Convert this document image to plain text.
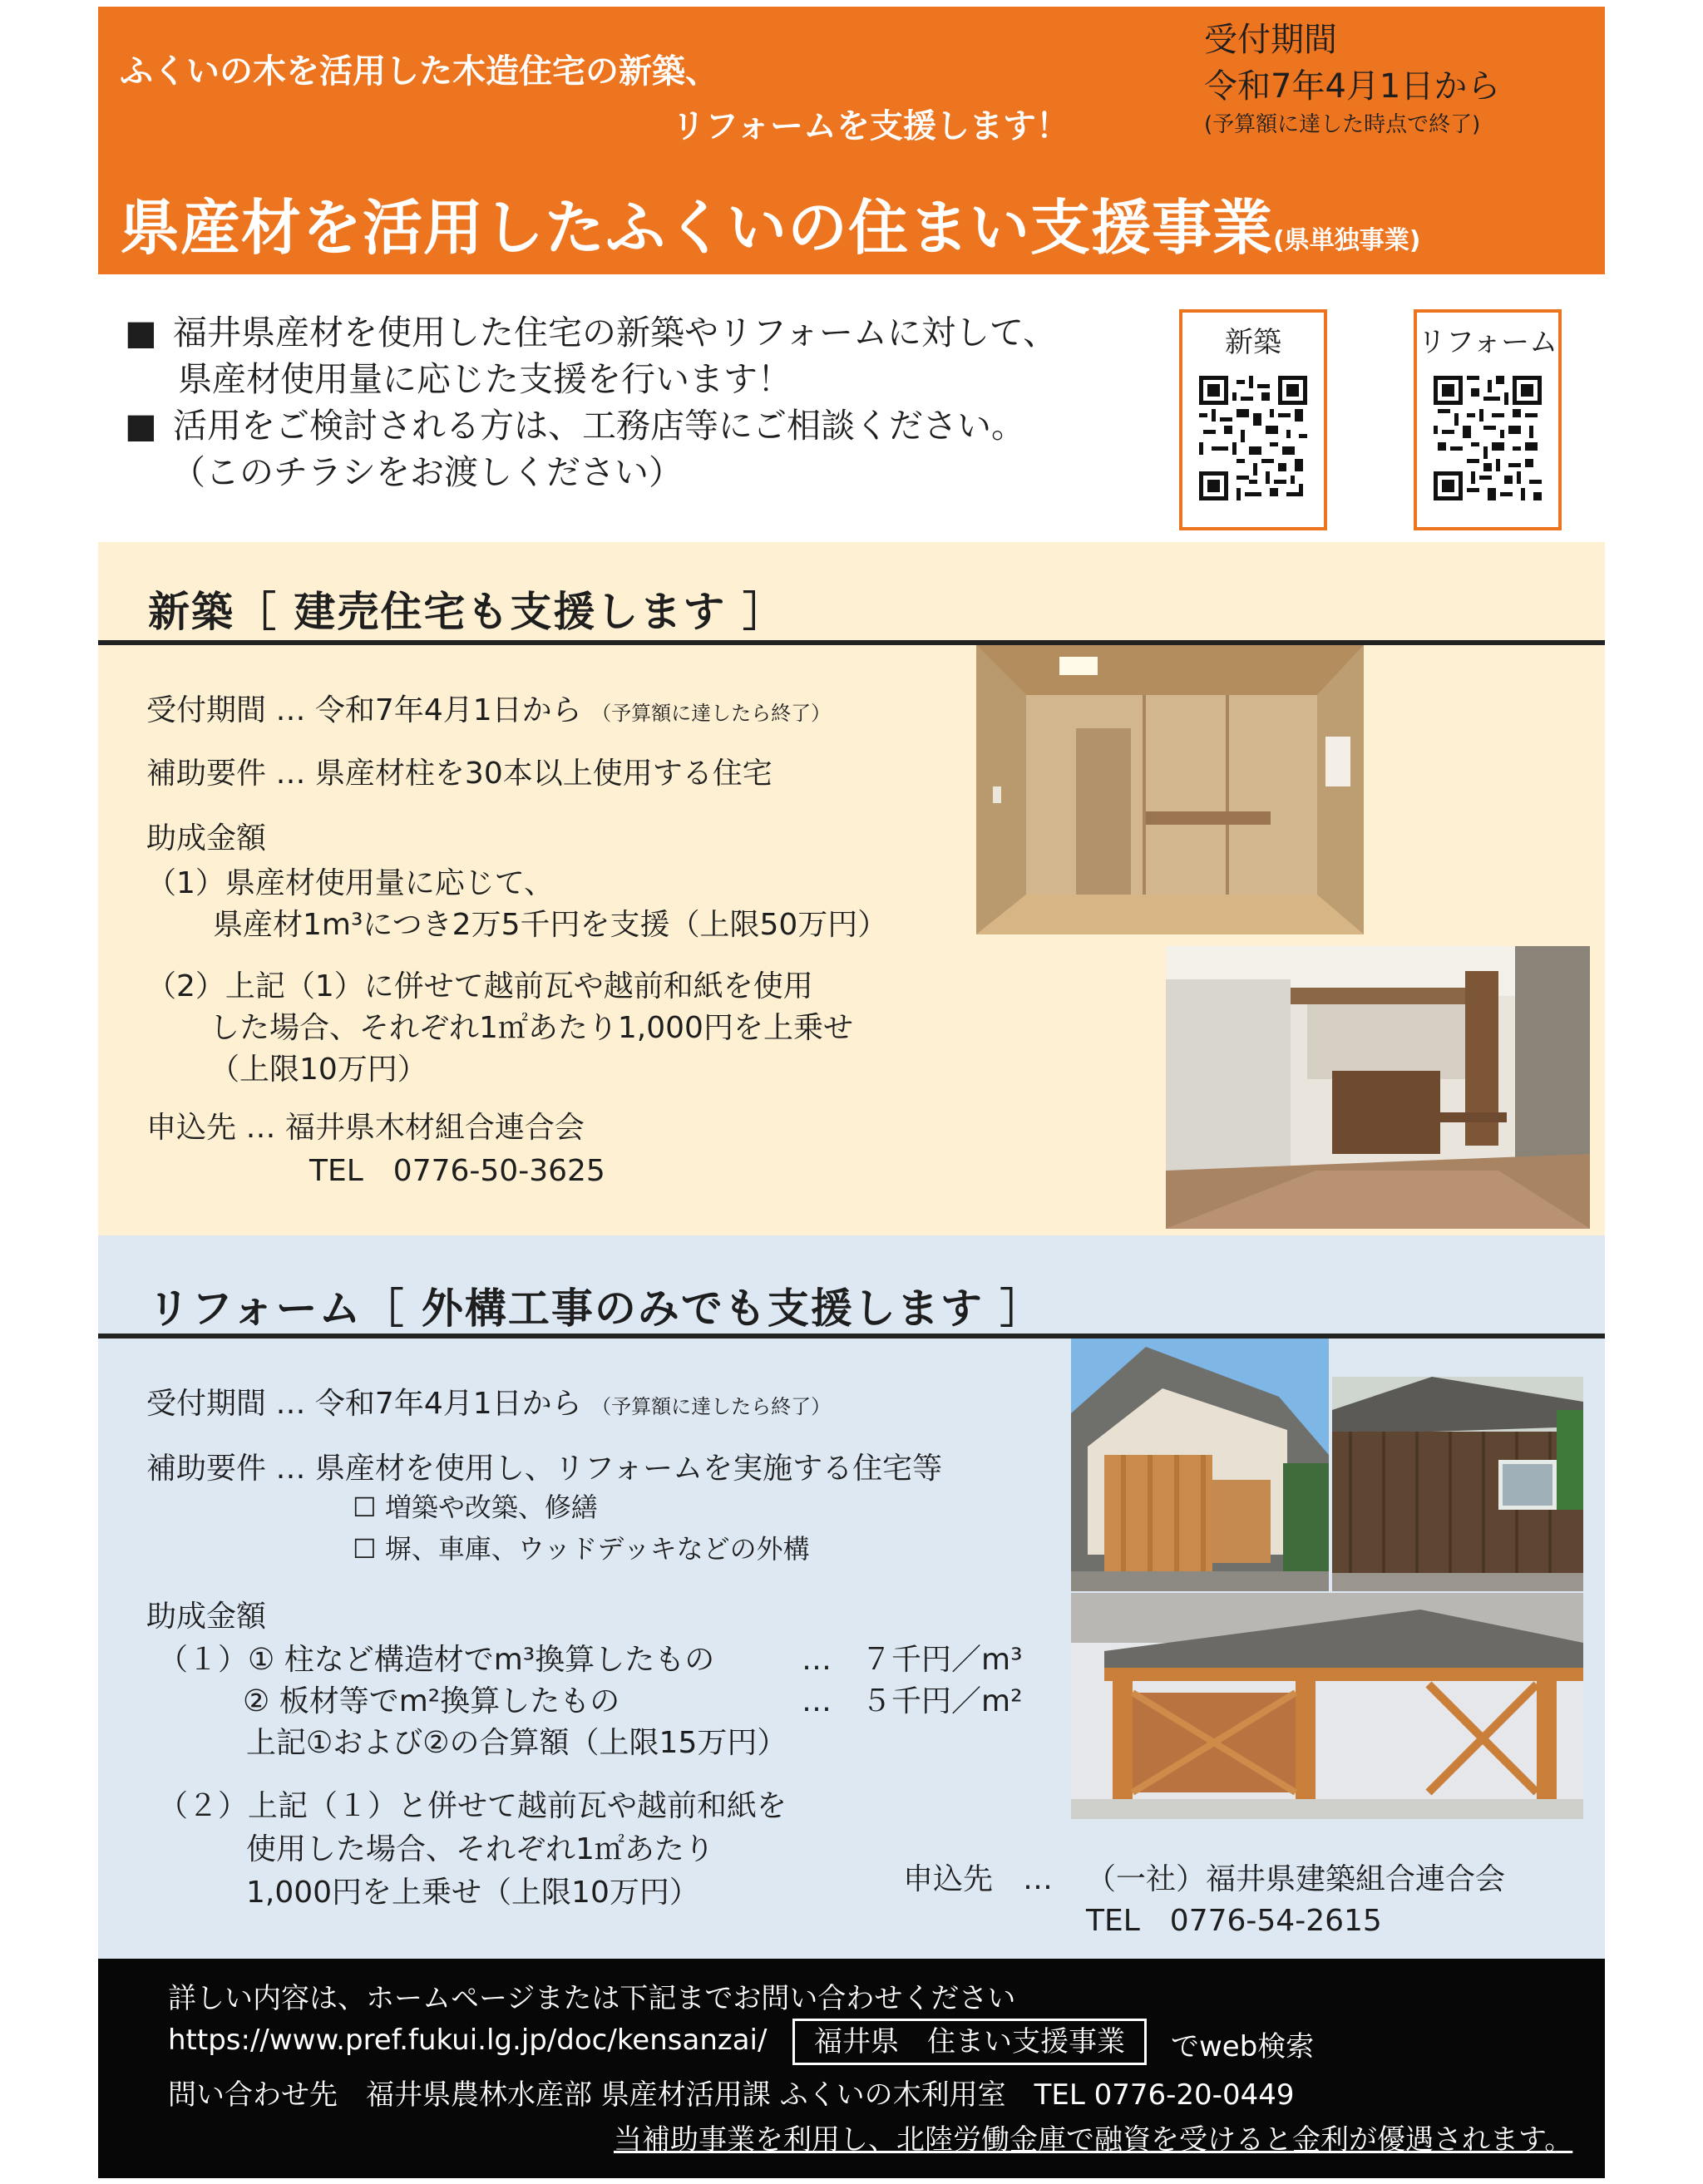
ふくいの木を活用した木造住宅の新築、
リフォームを支援します！
県産材を活用したふくいの住まい支援事業(県単独事業)
受付期間
令和7年4月1日から
(予算額に達した時点で終了)
■ 福井県産材を使用した住宅の新築やリフォームに対して、
県産材使用量に応じた支援を行います！
■ 活用をご検討される方は、工務店等にご相談ください。
（このチラシをお渡しください）
新築	リフォーム
新築［ 建売住宅も支援します ］
受付期間 … 令和7年4月1日から （予算額に達したら終了）
補助要件 … 県産材柱を30本以上使用する住宅
助成金額
（1）県産材使用量に応じて、
県産材1m³につき2万5千円を支援（上限50万円）
（2）上記（1）に併せて越前瓦や越前和紙を使用
した場合、それぞれ1㎡あたり1,000円を上乗せ
（上限10万円）
申込先 … 福井県木材組合連合会
TEL　0776-50-3625
リフォーム［ 外構工事のみでも支援します ］
受付期間 … 令和7年4月1日から （予算額に達したら終了）
補助要件 … 県産材を使用し、リフォームを実施する住宅等
☐ 増築や改築、修繕
☐ 塀、車庫、ウッドデッキなどの外構
助成金額
（１）① 柱など構造材でm³換算したもの	…　７千円／m³
② 板材等でm²換算したもの	…　５千円／m²
上記①および②の合算額（上限15万円）
（２）上記（１）と併せて越前瓦や越前和紙を
使用した場合、それぞれ1㎡あたり
1,000円を上乗せ（上限10万円）	申込先　… （一社）福井県建築組合連合会
TEL　0776-54-2615
詳しい内容は、ホームページまたは下記までお問い合わせください
https://www.pref.fukui.lg.jp/doc/kensanzai/	福井県　住まい支援事業	でweb検索
問い合わせ先　福井県農林水産部 県産材活用課 ふくいの木利用室　TEL 0776-20-0449
当補助事業を利用し、北陸労働金庫で融資を受けると金利が優遇されます。
